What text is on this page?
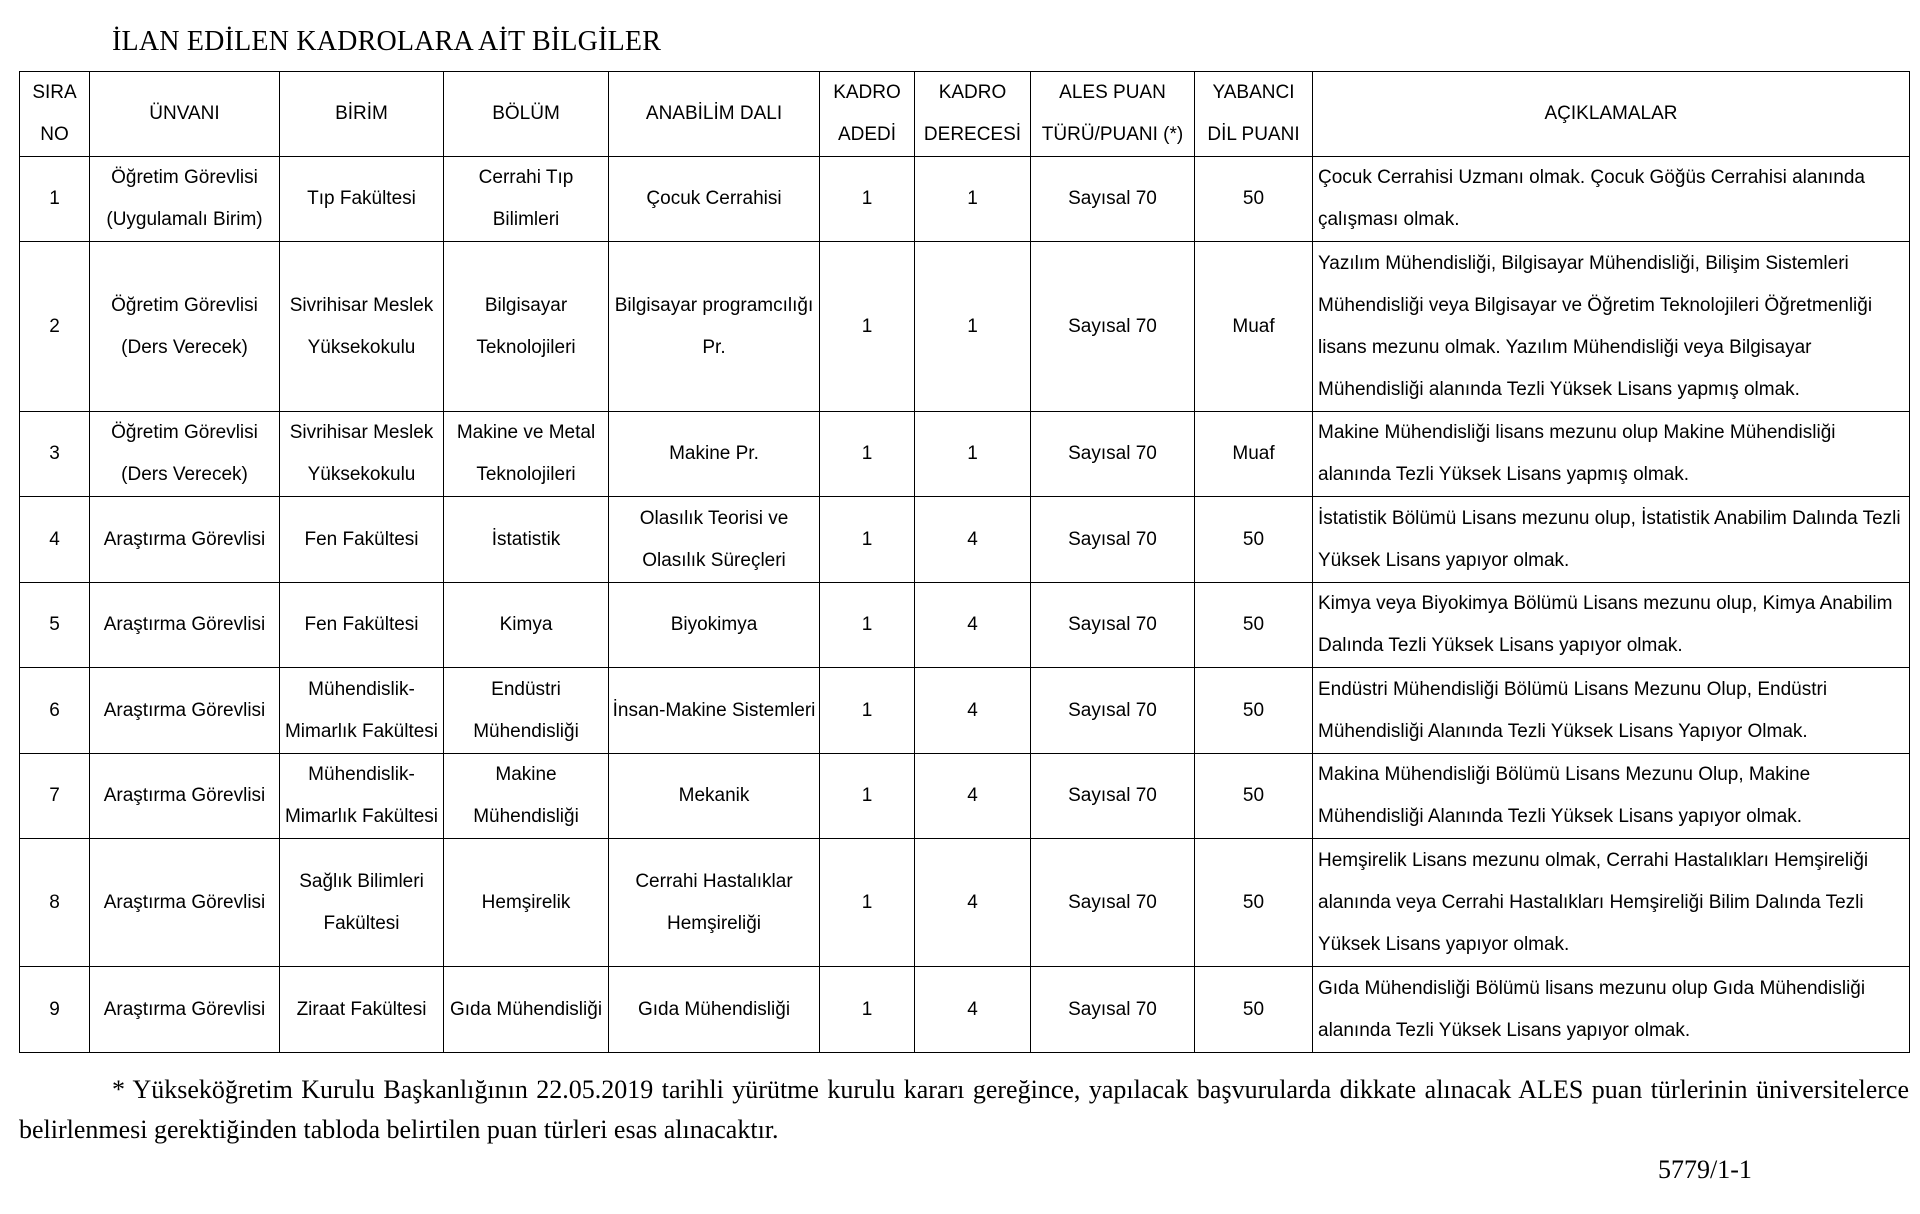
İLAN EDİLEN KADROLARA AİT BİLGİLER
SIRA NO	ÜNVANI	BİRİM	BÖLÜM	ANABİLİM DALI	KADRO ADEDİ	KADRO DERECESİ	ALES PUAN TÜRÜ/PUANI (*)	YABANCI DİL PUANI	AÇIKLAMALAR
1	Öğretim Görevlisi (Uygulamalı Birim)	Tıp Fakültesi	Cerrahi Tıp Bilimleri	Çocuk Cerrahisi	1	1	Sayısal 70	50	Çocuk Cerrahisi Uzmanı olmak. Çocuk Göğüs Cerrahisi alanında çalışması olmak.
2	Öğretim Görevlisi (Ders Verecek)	Sivrihisar Meslek Yüksekokulu	Bilgisayar Teknolojileri	Bilgisayar programcılığı Pr.	1	1	Sayısal 70	Muaf	Yazılım Mühendisliği, Bilgisayar Mühendisliği, Bilişim Sistemleri Mühendisliği veya Bilgisayar ve Öğretim Teknolojileri Öğretmenliği lisans mezunu olmak. Yazılım Mühendisliği veya Bilgisayar Mühendisliği alanında Tezli Yüksek Lisans yapmış olmak.
3	Öğretim Görevlisi (Ders Verecek)	Sivrihisar Meslek Yüksekokulu	Makine ve Metal Teknolojileri	Makine Pr.	1	1	Sayısal 70	Muaf	Makine Mühendisliği lisans mezunu olup Makine Mühendisliği alanında Tezli Yüksek Lisans yapmış olmak.
4	Araştırma Görevlisi	Fen Fakültesi	İstatistik	Olasılık Teorisi ve Olasılık Süreçleri	1	4	Sayısal 70	50	İstatistik Bölümü Lisans mezunu olup, İstatistik Anabilim Dalında Tezli Yüksek Lisans yapıyor olmak.
5	Araştırma Görevlisi	Fen Fakültesi	Kimya	Biyokimya	1	4	Sayısal 70	50	Kimya veya Biyokimya Bölümü Lisans mezunu olup, Kimya Anabilim Dalında Tezli Yüksek Lisans yapıyor olmak.
6	Araştırma Görevlisi	Mühendislik-Mimarlık Fakültesi	Endüstri Mühendisliği	İnsan-Makine Sistemleri	1	4	Sayısal 70	50	Endüstri Mühendisliği Bölümü Lisans Mezunu Olup, Endüstri Mühendisliği Alanında Tezli Yüksek Lisans Yapıyor Olmak.
7	Araştırma Görevlisi	Mühendislik-Mimarlık Fakültesi	Makine Mühendisliği	Mekanik	1	4	Sayısal 70	50	Makina Mühendisliği Bölümü Lisans Mezunu Olup, Makine Mühendisliği Alanında Tezli Yüksek Lisans yapıyor olmak.
8	Araştırma Görevlisi	Sağlık Bilimleri Fakültesi	Hemşirelik	Cerrahi Hastalıklar Hemşireliği	1	4	Sayısal 70	50	Hemşirelik Lisans mezunu olmak, Cerrahi Hastalıkları Hemşireliği alanında veya Cerrahi Hastalıkları Hemşireliği Bilim Dalında Tezli Yüksek Lisans yapıyor olmak.
9	Araştırma Görevlisi	Ziraat Fakültesi	Gıda Mühendisliği	Gıda Mühendisliği	1	4	Sayısal 70	50	Gıda Mühendisliği Bölümü lisans mezunu olup Gıda Mühendisliği alanında Tezli Yüksek Lisans yapıyor olmak.
* Yükseköğretim Kurulu Başkanlığının 22.05.2019 tarihli yürütme kurulu kararı gereğince, yapılacak başvurularda dikkate alınacak ALES puan türlerinin üniversitelerce belirlenmesi gerektiğinden tabloda belirtilen puan türleri esas alınacaktır.
5779/1-1
